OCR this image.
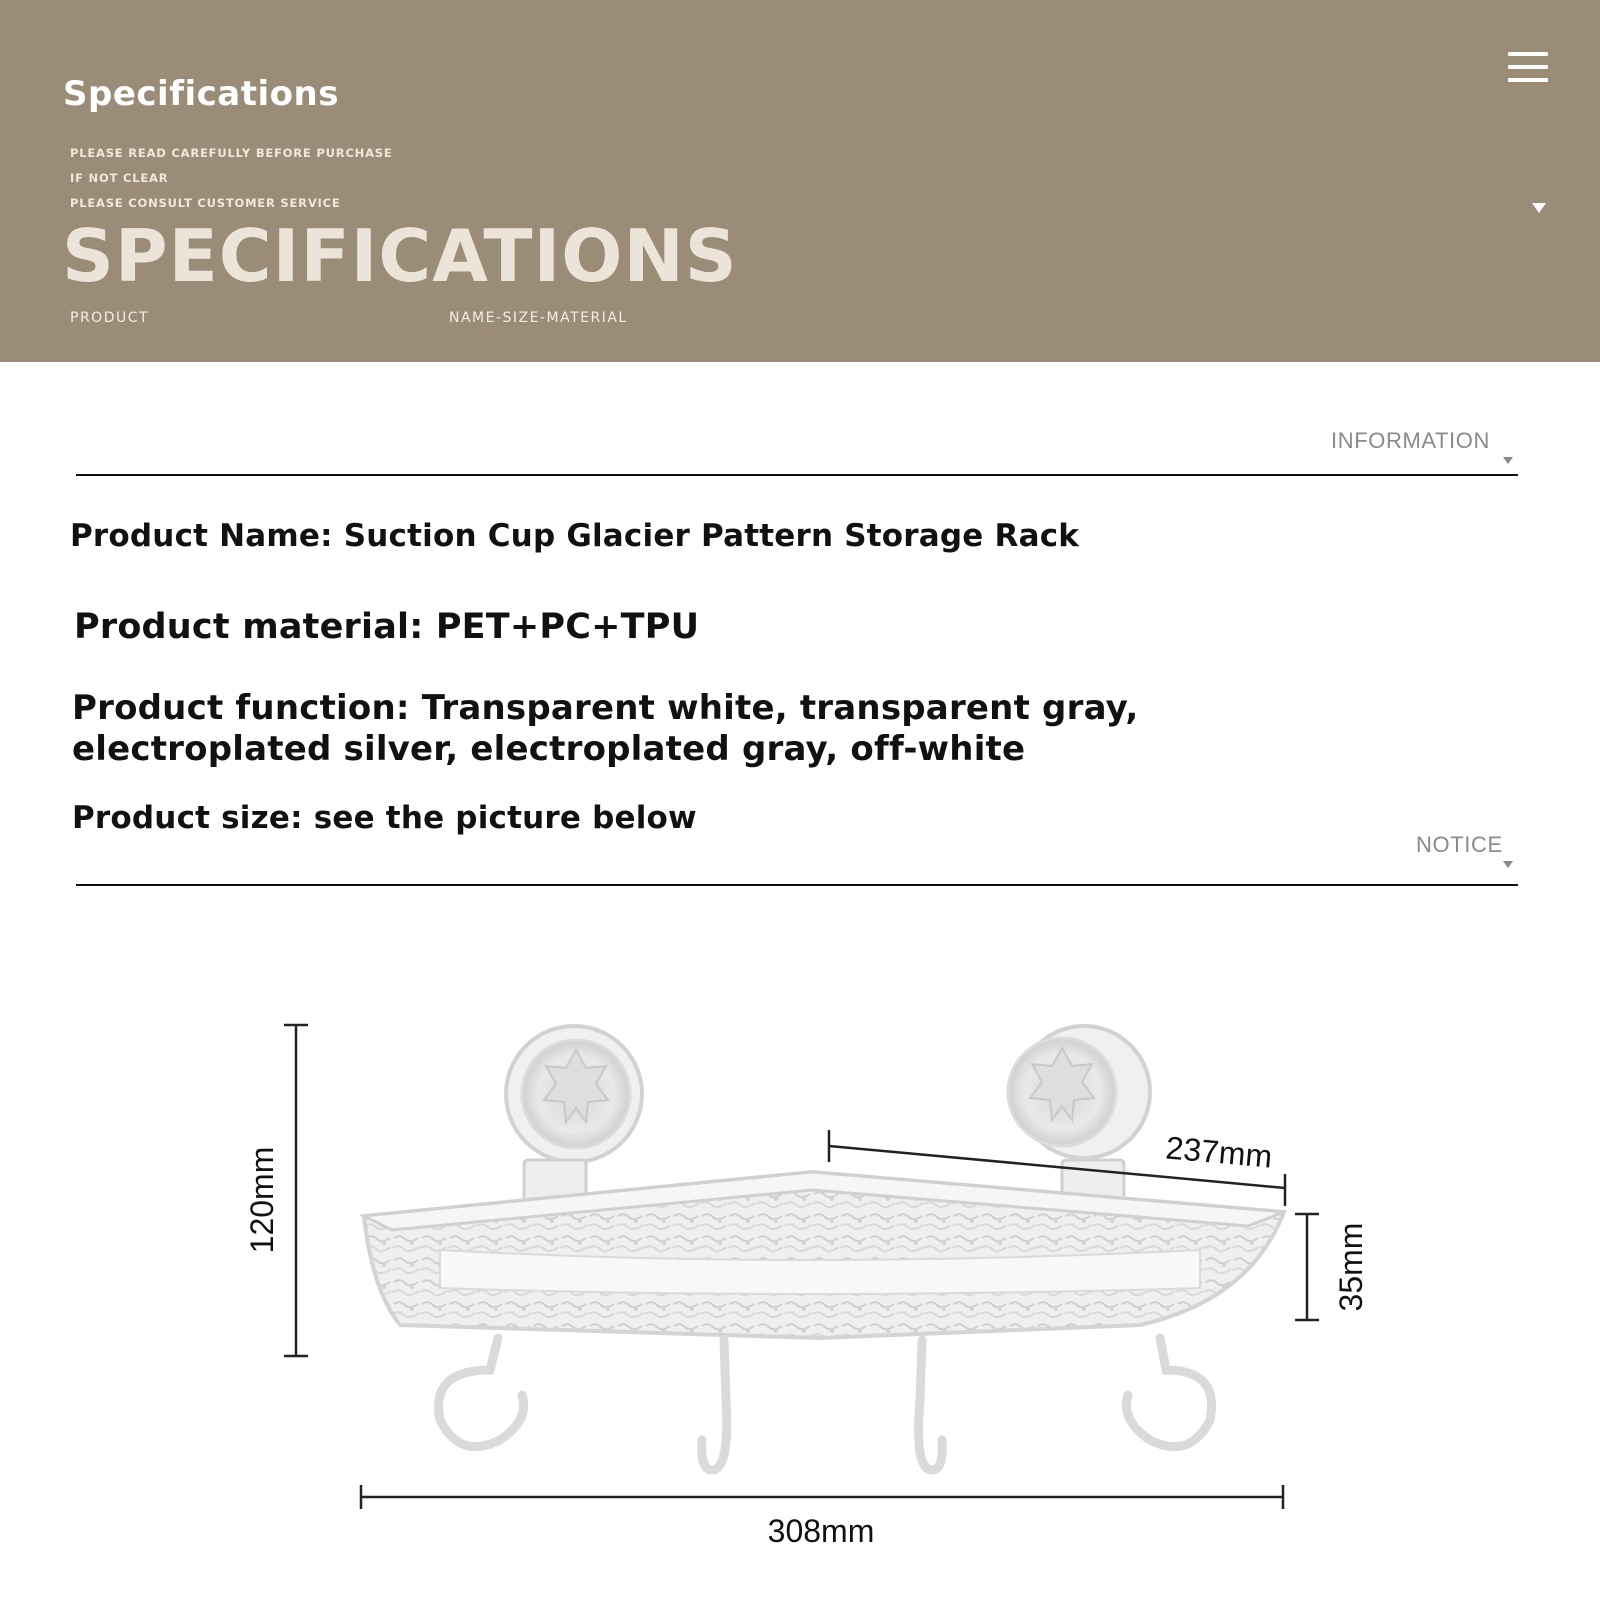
Specifications
PLEASE READ CAREFULLY BEFORE PURCHASE
IF NOT CLEAR
PLEASE CONSULT CUSTOMER SERVICE
SPECIFICATIONS
PRODUCT	NAME-SIZE-MATERIAL
INFORMATION
Product Name: Suction Cup Glacier Pattern Storage Rack
Product material: PET+PC+TPU
Product function: Transparent white, transparent gray,
electroplated silver, electroplated gray, off-white
Product size: see the picture below
NOTICE
120mm	237mm
35mm
308mm
